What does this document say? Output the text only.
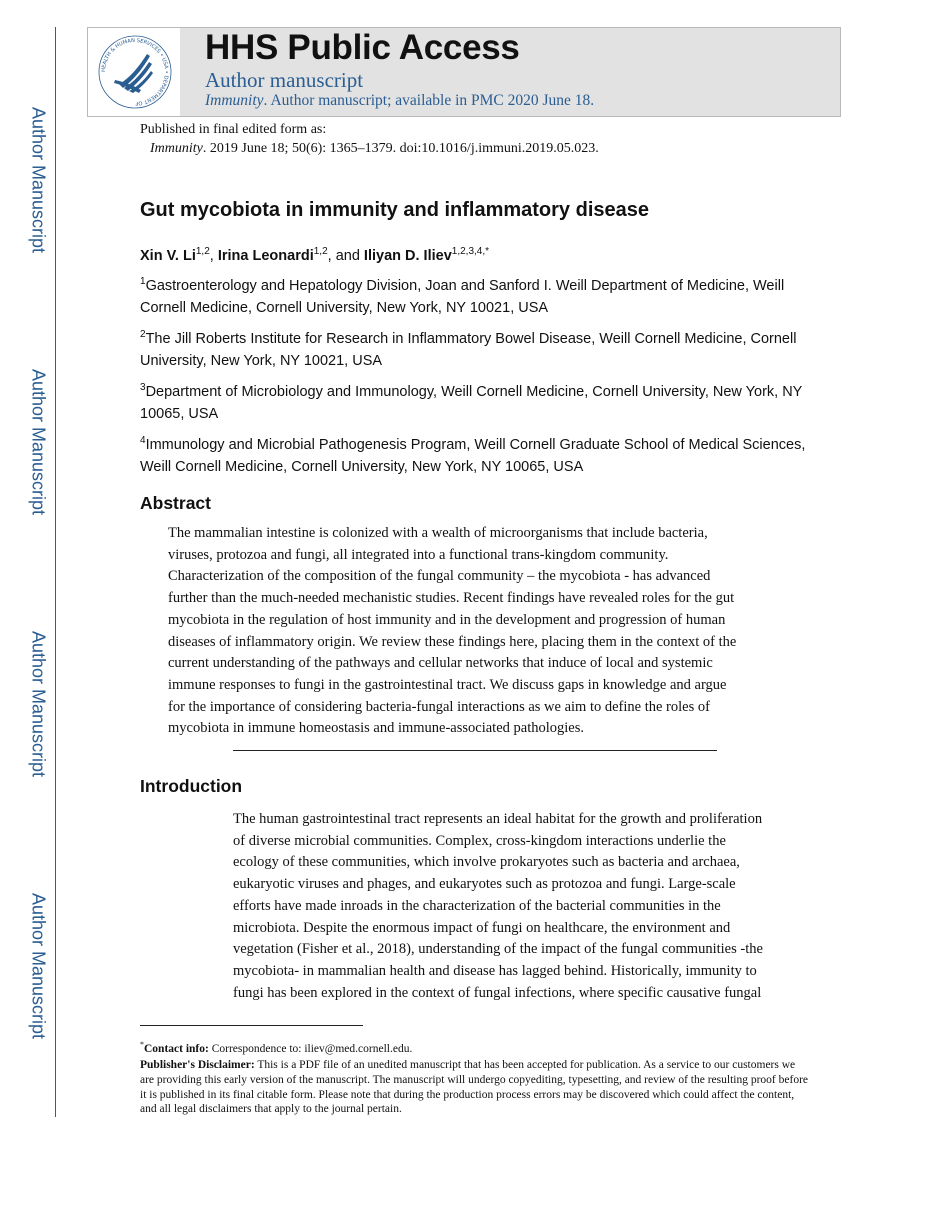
Author Manuscript
Author Manuscript
Author Manuscript
Author Manuscript
HEALTH & HUMAN SERVICES • USA • DEPARTMENT OF
HHS Public Access
Author manuscript
Immunity. Author manuscript; available in PMC 2020 June 18.
Published in final edited form as:
Immunity. 2019 June 18; 50(6): 1365–1379. doi:10.1016/j.immuni.2019.05.023.
Gut mycobiota in immunity and inflammatory disease
Xin V. Li$^{1,2}$, Irina Leonardi$^{1,2}$, and Iliyan D. Iliev$^{1,2,3,4,*}$
$^1$Gastroenterology and Hepatology Division, Joan and Sanford I. Weill Department of Medicine, Weill Cornell Medicine, Cornell University, New York, NY 10021, USA
$^2$The Jill Roberts Institute for Research in Inflammatory Bowel Disease, Weill Cornell Medicine, Cornell University, New York, NY 10021, USA
$^3$Department of Microbiology and Immunology, Weill Cornell Medicine, Cornell University, New York, NY 10065, USA
$^4$Immunology and Microbial Pathogenesis Program, Weill Cornell Graduate School of Medical Sciences, Weill Cornell Medicine, Cornell University, New York, NY 10065, USA
Abstract
The mammalian intestine is colonized with a wealth of microorganisms that include bacteria,
viruses, protozoa and fungi, all integrated into a functional trans-kingdom community.
Characterization of the composition of the fungal community – the mycobiota - has advanced
further than the much-needed mechanistic studies. Recent findings have revealed roles for the gut
mycobiota in the regulation of host immunity and in the development and progression of human
diseases of inflammatory origin. We review these findings here, placing them in the context of the
current understanding of the pathways and cellular networks that induce of local and systemic
immune responses to fungi in the gastrointestinal tract. We discuss gaps in knowledge and argue
for the importance of considering bacteria-fungal interactions as we aim to define the roles of
mycobiota in immune homeostasis and immune-associated pathologies.
Introduction
The human gastrointestinal tract represents an ideal habitat for the growth and proliferation
of diverse microbial communities. Complex, cross-kingdom interactions underlie the
ecology of these communities, which involve prokaryotes such as bacteria and archaea,
eukaryotic viruses and phages, and eukaryotes such as protozoa and fungi. Large-scale
efforts have made inroads in the characterization of the bacterial communities in the
microbiota. Despite the enormous impact of fungi on healthcare, the environment and
vegetation (Fisher et al., 2018), understanding of the impact of the fungal communities -the
mycobiota- in mammalian health and disease has lagged behind. Historically, immunity to
fungi has been explored in the context of fungal infections, where specific causative fungal
*Contact info: Correspondence to: iliev@med.cornell.edu.
Publisher's Disclaimer: This is a PDF file of an unedited manuscript that has been accepted for publication. As a service to our customers we are providing this early version of the manuscript. The manuscript will undergo copyediting, typesetting, and review of the resulting proof before it is published in its final citable form. Please note that during the production process errors may be discovered which could affect the content, and all legal disclaimers that apply to the journal pertain.
